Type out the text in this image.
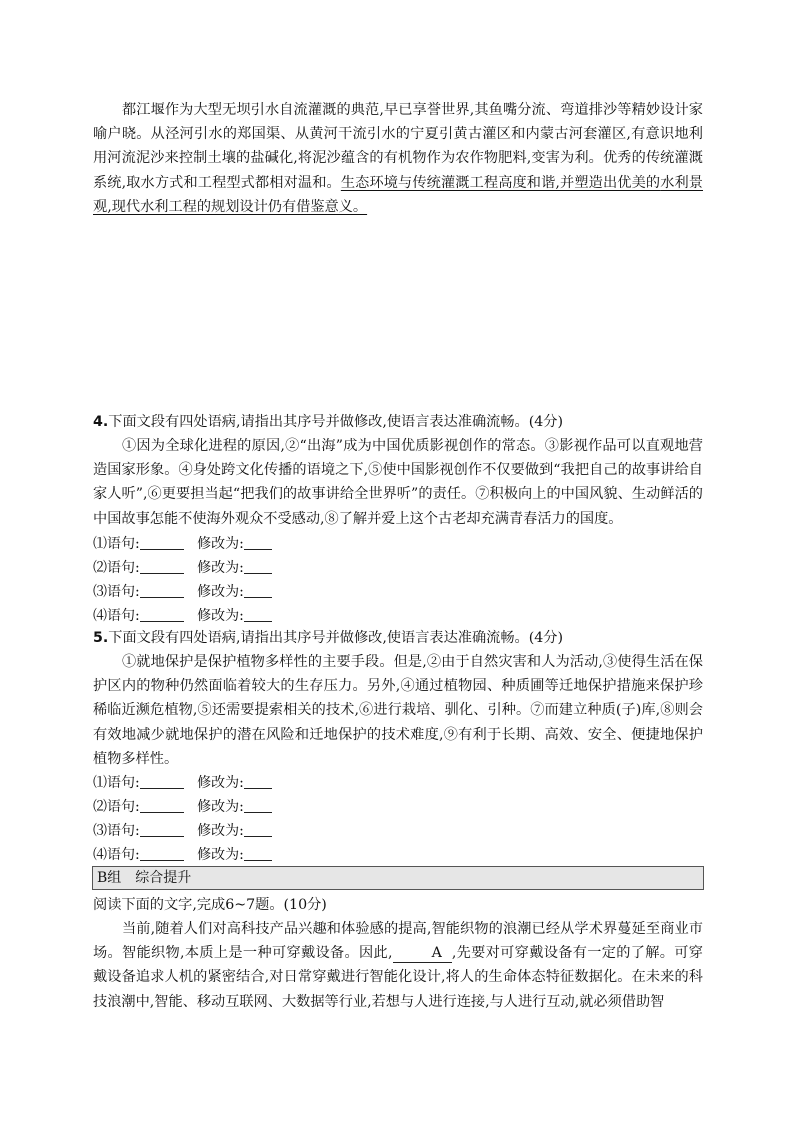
都江堰作为大型无坝引水自流灌溉的典范,早已享誉世界,其鱼嘴分流、弯道排沙等精妙设计家喻户晓。从泾河引水的郑国渠、从黄河干流引水的宁夏引黄古灌区和内蒙古河套灌区,有意识地利用河流泥沙来控制土壤的盐碱化,将泥沙蕴含的有机物作为农作物肥料,变害为利。优秀的传统灌溉系统,取水方式和工程型式都相对温和。生态环境与传统灌溉工程高度和谐,并塑造出优美的水利景观,现代水利工程的规划设计仍有借鉴意义。

4.下面文段有四处语病,请指出其序号并做修改,使语言表达准确流畅。(4分)

①因为全球化进程的原因,②“出海”成为中国优质影视创作的常态。③影视作品可以直观地营造国家形象。④身处跨文化传播的语境之下,⑤使中国影视创作不仅要做到“我把自己的故事讲给自家人听”,⑥更要担当起“把我们的故事讲给全世界听”的责任。⑦积极向上的中国风貌、生动鲜活的中国故事怎能不使海外观众不受感动,⑧了解并爱上这个古老却充满青春活力的国度。

⑴语句:	修改为:

⑵语句:	修改为:

⑶语句:	修改为:

⑷语句:	修改为:

5.下面文段有四处语病,请指出其序号并做修改,使语言表达准确流畅。(4分)

①就地保护是保护植物多样性的主要手段。但是,②由于自然灾害和人为活动,③使得生活在保护区内的物种仍然面临着较大的生存压力。另外,④通过植物园、种质圃等迁地保护措施来保护珍稀临近濒危植物,⑤还需要提索相关的技术,⑥进行栽培、驯化、引种。⑦而建立种质(子)库,⑧则会有效地减少就地保护的潜在风险和迁地保护的技术难度,⑨有利于长期、高效、安全、便捷地保护植物多样性。

⑴语句:	修改为:

⑵语句:	修改为:

⑶语句:	修改为:

⑷语句:	修改为:

B组　综合提升

阅读下面的文字,完成6~7题。(10分)

当前,随着人们对高科技产品兴趣和体验感的提高,智能织物的浪潮已经从学术界蔓延至商业市场。智能织物,本质上是一种可穿戴设备。因此,	A ,先要对可穿戴设备有一定的了解。可穿戴设备追求人机的紧密结合,对日常穿戴进行智能化设计,将人的生命体态特征数据化。在未来的科技浪潮中,智能、移动互联网、大数据等行业,若想与人进行连接,与人进行互动,就必须借助智
